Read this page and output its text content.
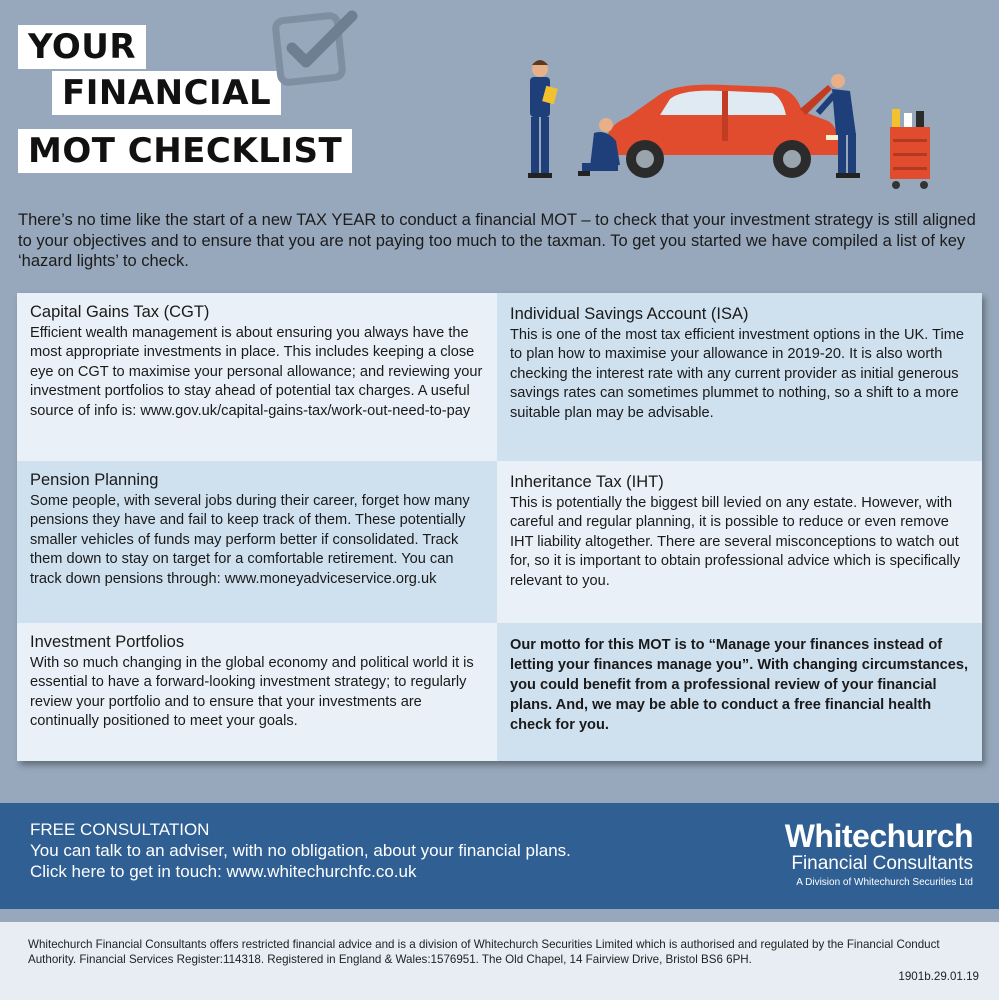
YOUR
FINANCIAL
MOT CHECKLIST

There’s no time like the start of a new TAX YEAR to conduct a financial MOT – to check that your investment strategy is still aligned to your objectives and to ensure that you are not paying too much to the taxman. To get you started we have compiled a list of key ‘hazard lights’ to check.

Capital Gains Tax (CGT)

Efficient wealth management is about ensuring you always have the most appropriate investments in place. This includes keeping a close eye on CGT to maximise your personal allowance; and reviewing your investment portfolios to stay ahead of potential tax charges. A useful source of info is: www.gov.uk/capital-gains-tax/work-out-need-to-pay

Individual Savings Account (ISA)

This is one of the most tax efficient investment options in the UK. Time to plan how to maximise your allowance in 2019-20. It is also worth checking the interest rate with any current provider as initial generous savings rates can sometimes plummet to nothing, so a shift to a more suitable plan may be advisable.

Pension Planning

Some people, with several jobs during their career, forget how many pensions they have and fail to keep track of them. These potentially smaller vehicles of funds may perform better if consolidated. Track them down to stay on target for a comfortable retirement. You can track down pensions through: www.moneyadviceservice.org.uk

Inheritance Tax (IHT)

This is potentially the biggest bill levied on any estate. However, with careful and regular planning, it is possible to reduce or even remove IHT liability altogether. There are several misconceptions to watch out for, so it is important to obtain professional advice which is specifically relevant to you.

Investment Portfolios

With so much changing in the global economy and political world it is essential to have a forward-looking investment strategy; to regularly review your portfolio and to ensure that your investments are continually positioned to meet your goals.

Our motto for this MOT is to “Manage your finances instead of letting your finances manage you”. With changing circumstances, you could benefit from a professional review of your financial plans. And, we may be able to conduct a free financial health check for you.
FREE CONSULTATION
You can talk to an adviser, with no obligation, about your financial plans.
Click here to get in touch: www.whitechurchfc.co.uk
Whitechurch
Financial Consultants
A Division of Whitechurch Securities Ltd

Whitechurch Financial Consultants offers restricted financial advice and is a division of Whitechurch Securities Limited which is authorised and regulated by the Financial Conduct Authority. Financial Services Register:114318. Registered in England & Wales:1576951. The Old Chapel, 14 Fairview Drive, Bristol BS6 6PH.

1901b.29.01.19
